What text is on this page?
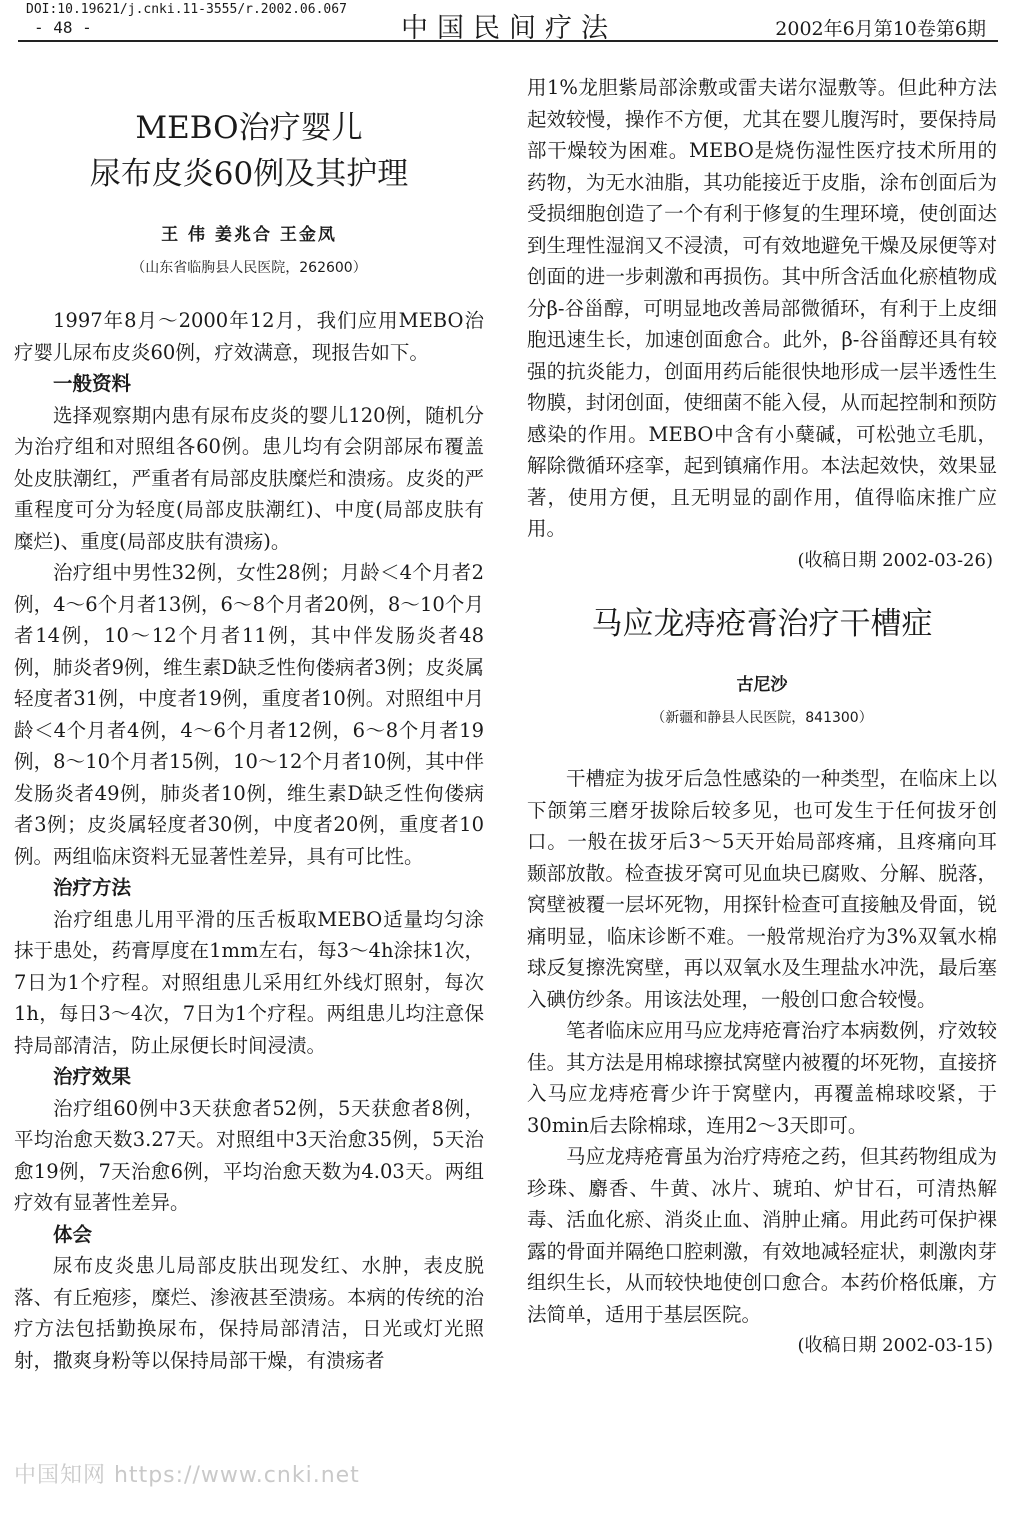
DOI:10.19621/j.cnki.11-3555/r.2002.06.067
- 48 -	中国民间疗法	2002年6月第10卷第6期
MEBO治疗婴儿
尿布皮炎60例及其护理
王 伟 姜兆合 王金凤
（山东省临朐县人民医院，262600）

1997年8月～2000年12月，我们应用MEBO治疗婴儿尿布皮炎60例，疗效满意，现报告如下。

一般资料

选择观察期内患有尿布皮炎的婴儿120例，随机分为治疗组和对照组各60例。患儿均有会阴部尿布覆盖处皮肤潮红，严重者有局部皮肤糜烂和溃疡。皮炎的严重程度可分为轻度(局部皮肤潮红)、中度(局部皮肤有糜烂)、重度(局部皮肤有溃疡)。

治疗组中男性32例，女性28例；月龄＜4个月者2例，4～6个月者13例，6～8个月者20例，8～10个月者14例，10～12个月者11例，其中伴发肠炎者48例，肺炎者9例，维生素D缺乏性佝偻病者3例；皮炎属轻度者31例，中度者19例，重度者10例。对照组中月龄＜4个月者4例，4～6个月者12例，6～8个月者19例，8～10个月者15例，10～12个月者10例，其中伴发肠炎者49例，肺炎者10例，维生素D缺乏性佝偻病者3例；皮炎属轻度者30例，中度者20例，重度者10例。两组临床资料无显著性差异，具有可比性。

治疗方法

治疗组患儿用平滑的压舌板取MEBO适量均匀涂抹于患处，药膏厚度在1mm左右，每3～4h涂抹1次，7日为1个疗程。对照组患儿采用红外线灯照射，每次1h，每日3～4次，7日为1个疗程。两组患儿均注意保持局部清洁，防止尿便长时间浸渍。

治疗效果

治疗组60例中3天获愈者52例，5天获愈者8例，平均治愈天数3.27天。对照组中3天治愈35例，5天治愈19例，7天治愈6例，平均治愈天数为4.03天。两组疗效有显著性差异。

体会

尿布皮炎患儿局部皮肤出现发红、水肿，表皮脱落、有丘疱疹，糜烂、渗液甚至溃疡。本病的传统的治疗方法包括勤换尿布，保持局部清洁，日光或灯光照射，撒爽身粉等以保持局部干燥，有溃疡者

用1%龙胆紫局部涂敷或雷夫诺尔湿敷等。但此种方法起效较慢，操作不方便，尤其在婴儿腹泻时，要保持局部干燥较为困难。MEBO是烧伤湿性医疗技术所用的药物，为无水油脂，其功能接近于皮脂，涂布创面后为受损细胞创造了一个有利于修复的生理环境，使创面达到生理性湿润又不浸渍，可有效地避免干燥及尿便等对创面的进一步刺激和再损伤。其中所含活血化瘀植物成分β-谷甾醇，可明显地改善局部微循环，有利于上皮细胞迅速生长，加速创面愈合。此外，β-谷甾醇还具有较强的抗炎能力，创面用药后能很快地形成一层半透性生物膜，封闭创面，使细菌不能入侵，从而起控制和预防感染的作用。MEBO中含有小蘖碱，可松弛立毛肌，解除微循环痉挛，起到镇痛作用。本法起效快，效果显著，使用方便，且无明显的副作用，值得临床推广应用。

(收稿日期 2002-03-26)
马应龙痔疮膏治疗干槽症
古尼沙
（新疆和静县人民医院，841300）

干槽症为拔牙后急性感染的一种类型，在临床上以下颌第三磨牙拔除后较多见，也可发生于任何拔牙创口。一般在拔牙后3～5天开始局部疼痛，且疼痛向耳颞部放散。检查拔牙窝可见血块已腐败、分解、脱落，窝壁被覆一层坏死物，用探针检查可直接触及骨面，锐痛明显，临床诊断不难。一般常规治疗为3%双氧水棉球反复擦洗窝壁，再以双氧水及生理盐水冲洗，最后塞入碘仿纱条。用该法处理，一般创口愈合较慢。

笔者临床应用马应龙痔疮膏治疗本病数例，疗效较佳。其方法是用棉球擦拭窝壁内被覆的坏死物，直接挤入马应龙痔疮膏少许于窝壁内，再覆盖棉球咬紧，于30min后去除棉球，连用2～3天即可。

马应龙痔疮膏虽为治疗痔疮之药，但其药物组成为珍珠、麝香、牛黄、冰片、琥珀、炉甘石，可清热解毒、活血化瘀、消炎止血、消肿止痛。用此药可保护裸露的骨面并隔绝口腔刺激，有效地减轻症状，刺激肉芽组织生长，从而较快地使创口愈合。本药价格低廉，方法简单，适用于基层医院。

(收稿日期 2002-03-15)
中国知网 https://www.cnki.net
